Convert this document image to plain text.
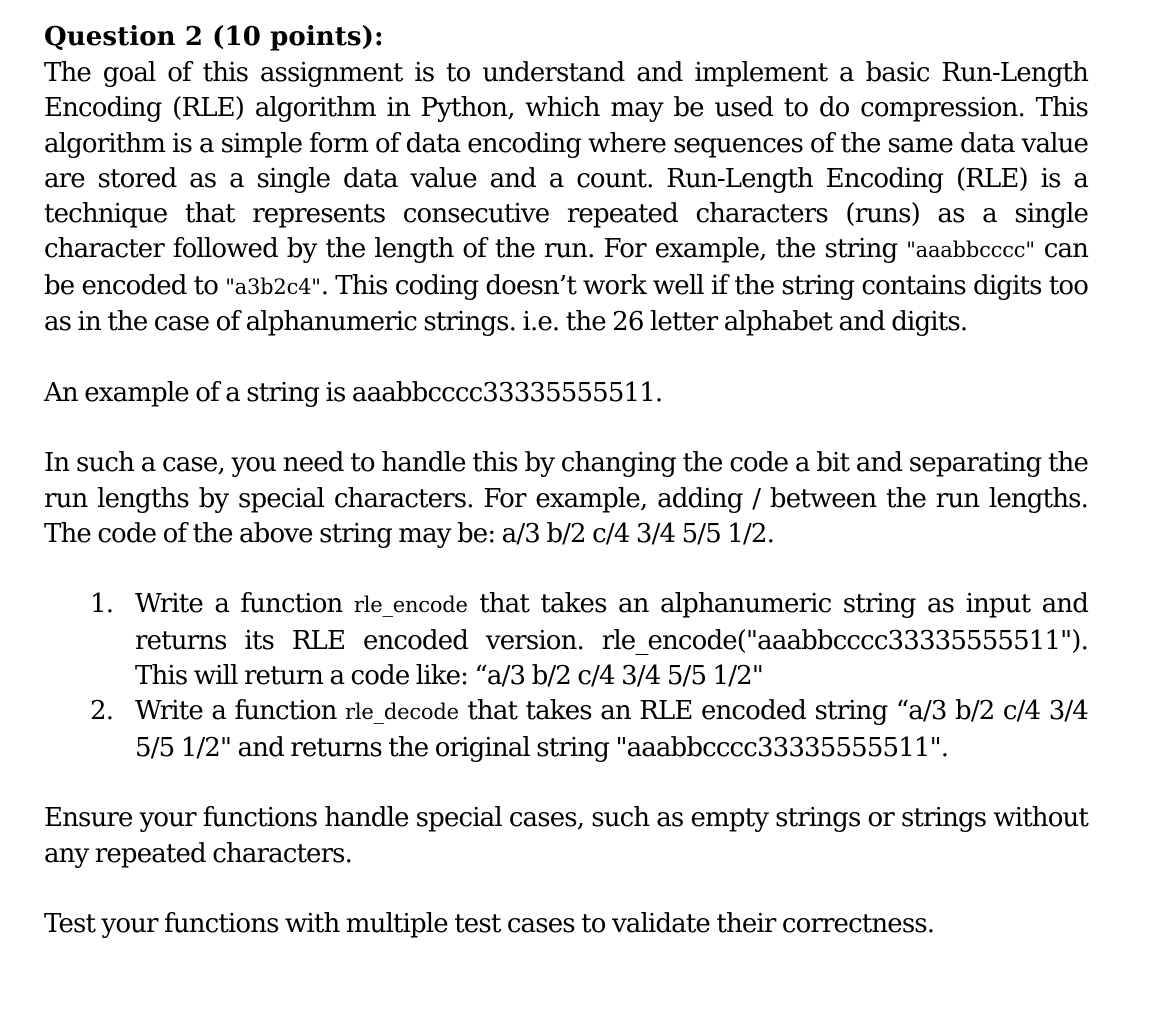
Question 2 (10 points):

The goal of this assignment is to understand and implement a basic Run-Length Encoding (RLE) algorithm in Python, which may be used to do compression. This algorithm is a simple form of data encoding where sequences of the same data value are stored as a single data value and a count. Run-Length Encoding (RLE) is a technique that represents consecutive repeated characters (runs) as a single character followed by the length of the run. For example, the string "aaabbcccc" can be encoded to "a3b2c4". This coding doesn’t work well if the string contains digits too as in the case of alphanumeric strings. i.e. the 26 letter alphabet and digits.

An example of a string is aaabbcccc33335555511.

In such a case, you need to handle this by changing the code a bit and separating the run lengths by special characters. For example, adding / between the run lengths. The code of the above string may be: a/3 b/2 c/4 3/4 5/5 1/2.

1. Write a function rle_encode that takes an alphanumeric string as input and returns its RLE encoded version. rle_encode("aaabbcccc33335555511"). This will return a code like: “a/3 b/2 c/4 3/4 5/5 1/2"
2. Write a function rle_decode that takes an RLE encoded string “a/3 b/2 c/4 3/4 5/5 1/2" and returns the original string "aaabbcccc33335555511".

Ensure your functions handle special cases, such as empty strings or strings without any repeated characters.

Test your functions with multiple test cases to validate their correctness.
